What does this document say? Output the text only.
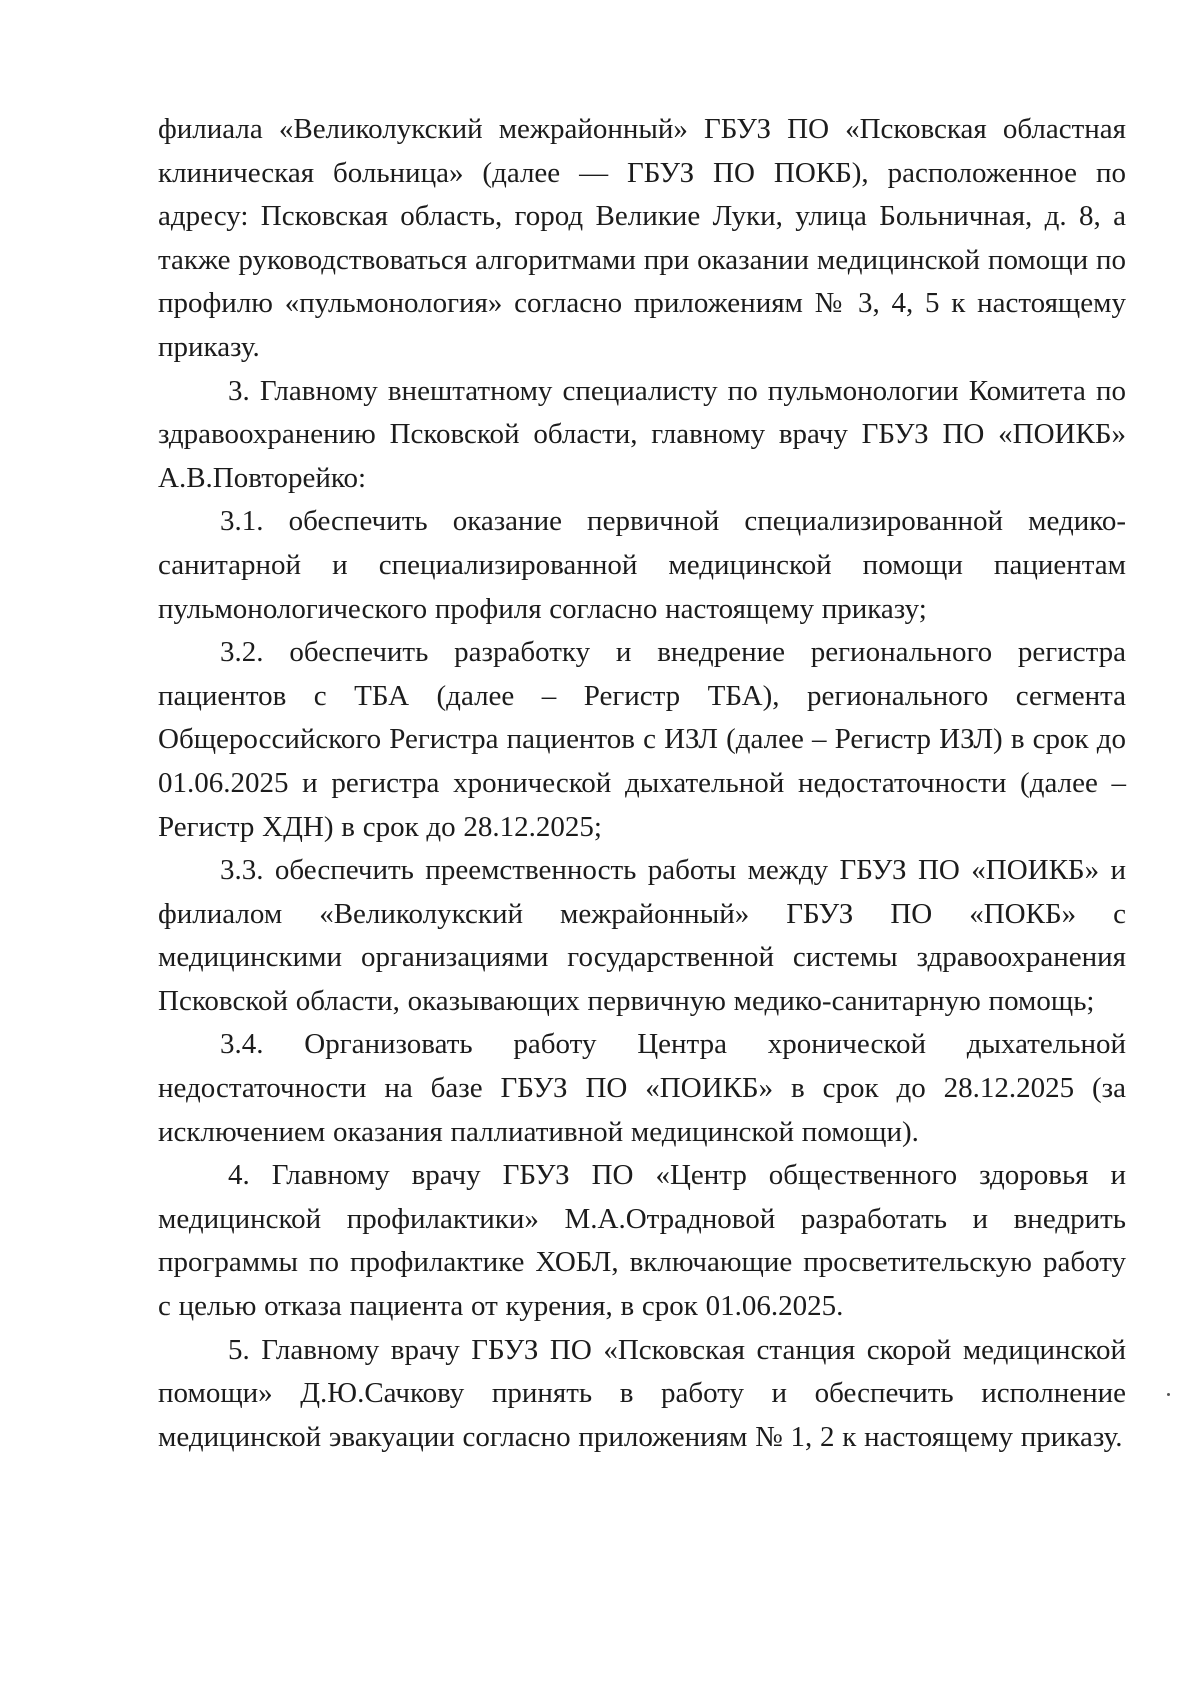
филиала «Великолукский межрайонный» ГБУЗ ПО «Псковская областная клиническая больница» (далее — ГБУЗ ПО ПОКБ), расположенное по адресу: Псковская область, город Великие Луки, улица Больничная, д. 8, а также руководствоваться алгоритмами при оказании медицинской помощи по профилю «пульмонология» согласно приложениям № 3, 4, 5 к настоящему приказу.

3. Главному внештатному специалисту по пульмонологии Комитета по здравоохранению Псковской области, главному врачу ГБУЗ ПО «ПОИКБ» А.В.Повторейко:

3.1. обеспечить оказание первичной специализированной медико-санитарной и специализированной медицинской помощи пациентам пульмонологического профиля согласно настоящему приказу;

3.2. обеспечить разработку и внедрение регионального регистра пациентов с ТБА (далее – Регистр ТБА), регионального сегмента Общероссийского Регистра пациентов с ИЗЛ (далее – Регистр ИЗЛ) в срок до 01.06.2025 и регистра хронической дыхательной недостаточности (далее – Регистр ХДН) в срок до 28.12.2025;

3.3. обеспечить преемственность работы между ГБУЗ ПО «ПОИКБ» и филиалом «Великолукский межрайонный» ГБУЗ ПО «ПОКБ» с медицинскими организациями государственной системы здравоохранения Псковской области, оказывающих первичную медико-санитарную помощь;

3.4. Организовать работу Центра хронической дыхательной недостаточности на базе ГБУЗ ПО «ПОИКБ» в срок до 28.12.2025 (за исключением оказания паллиативной медицинской помощи).

4. Главному врачу ГБУЗ ПО «Центр общественного здоровья и медицинской профилактики» М.А.Отрадновой разработать и внедрить программы по профилактике ХОБЛ, включающие просветительскую работу с целью отказа пациента от курения, в срок 01.06.2025.

5. Главному врачу ГБУЗ ПО «Псковская станция скорой медицинской помощи» Д.Ю.Сачкову принять в работу и обеспечить исполнение медицинской эвакуации согласно приложениям № 1, 2 к настоящему приказу.
